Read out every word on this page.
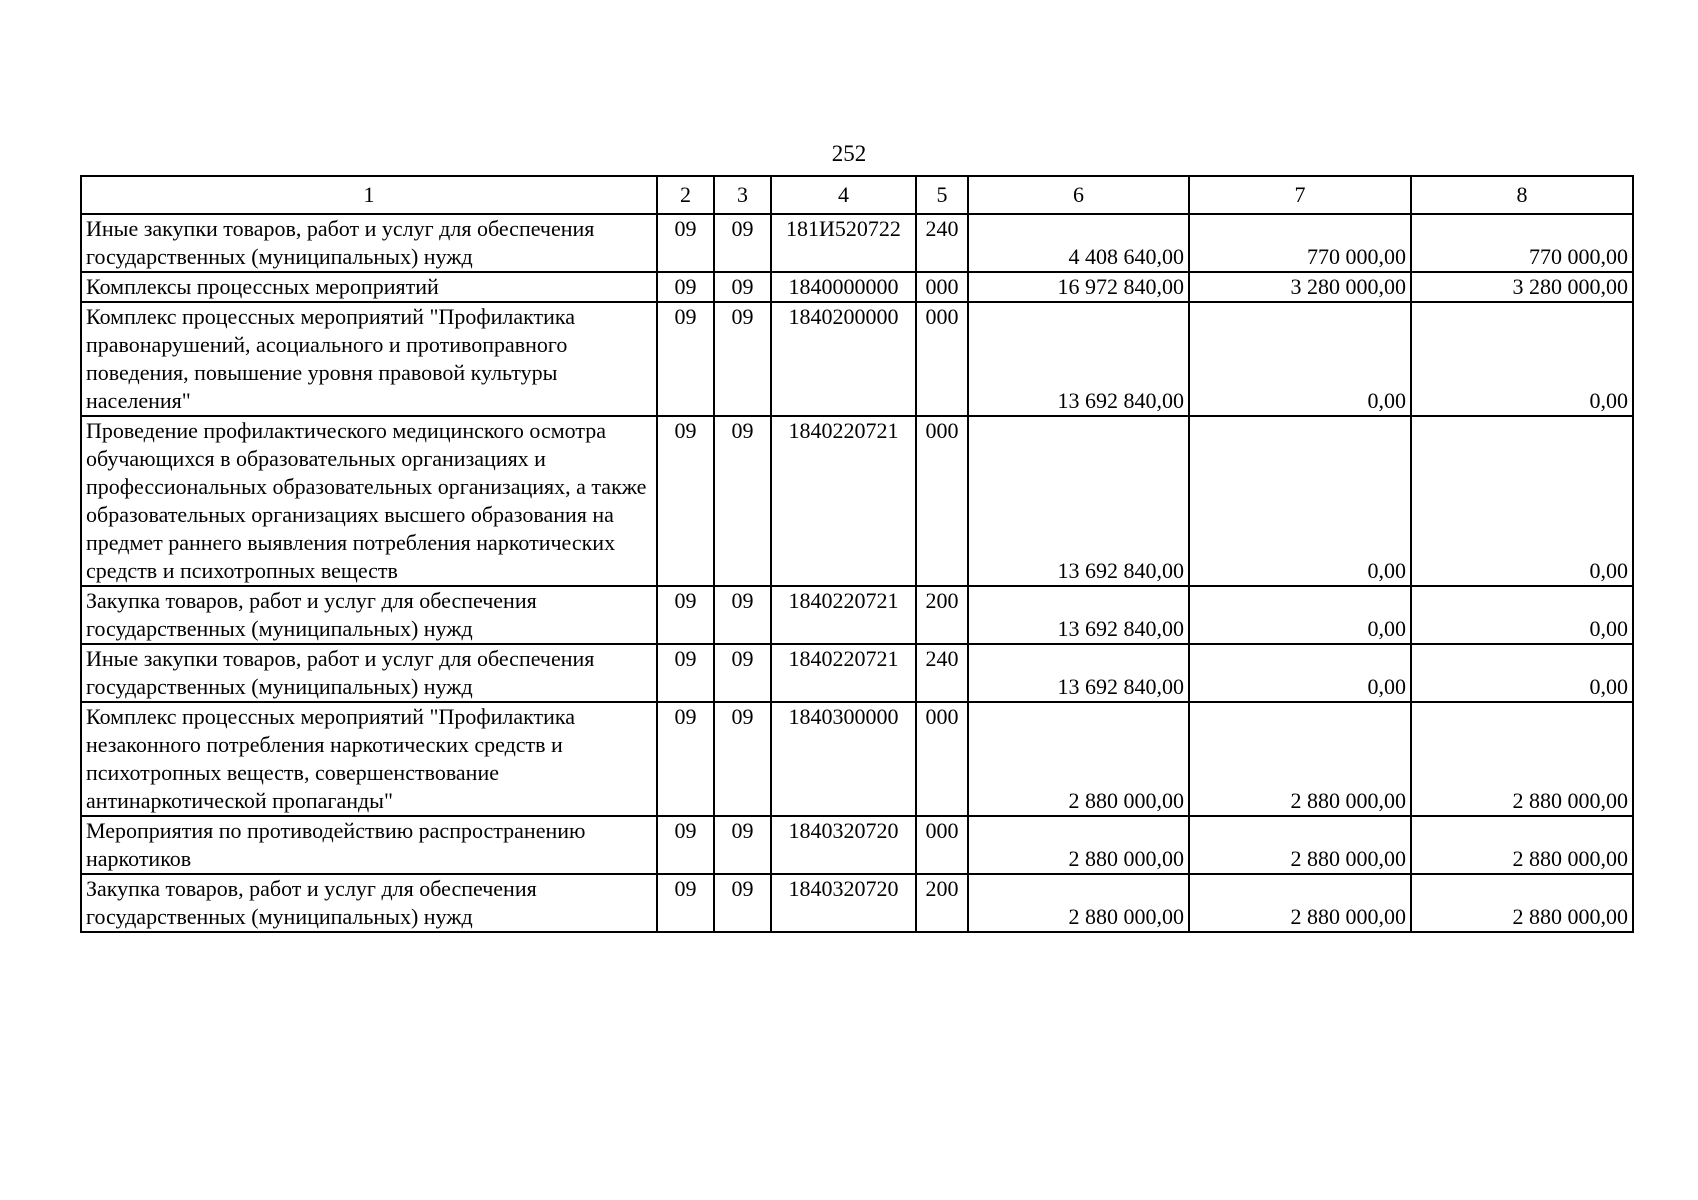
252
1	2	3	4	5	6	7	8
Иные закупки товаров, работ и услуг для обеспечения государственных (муниципальных) нужд	09	09	181И520722	240	4 408 640,00	770 000,00	770 000,00
Комплексы процессных мероприятий	09	09	1840000000	000	16 972 840,00	3 280 000,00	3 280 000,00
Комплекс процессных мероприятий "Профилактика правонарушений, асоциального и противоправного поведения, повышение уровня правовой культуры населения"	09	09	1840200000	000	13 692 840,00	0,00	0,00
Проведение профилактического медицинского осмотра обучающихся в образовательных организациях и профессиональных образовательных организациях, а также образовательных организациях высшего образования на предмет раннего выявления потребления наркотических средств и психотропных веществ	09	09	1840220721	000	13 692 840,00	0,00	0,00
Закупка товаров, работ и услуг для обеспечения государственных (муниципальных) нужд	09	09	1840220721	200	13 692 840,00	0,00	0,00
Иные закупки товаров, работ и услуг для обеспечения государственных (муниципальных) нужд	09	09	1840220721	240	13 692 840,00	0,00	0,00
Комплекс процессных мероприятий "Профилактика незаконного потребления наркотических средств и психотропных веществ, совершенствование антинаркотической пропаганды"	09	09	1840300000	000	2 880 000,00	2 880 000,00	2 880 000,00
Мероприятия по противодействию распространению наркотиков	09	09	1840320720	000	2 880 000,00	2 880 000,00	2 880 000,00
Закупка товаров, работ и услуг для обеспечения государственных (муниципальных) нужд	09	09	1840320720	200	2 880 000,00	2 880 000,00	2 880 000,00
